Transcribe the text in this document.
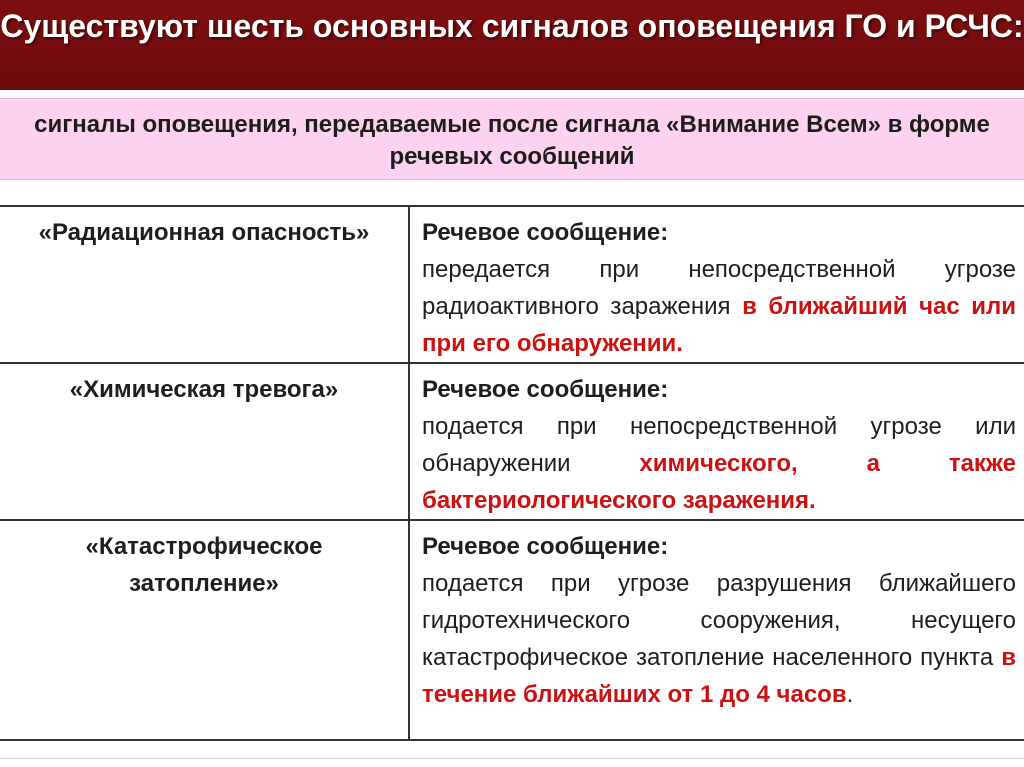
Существуют шесть основных сигналов оповещения ГО и РСЧС:
сигналы оповещения, передаваемые после сигнала «Внимание Всем» в форме речевых сообщений
«Радиационная опасность»	Речевое сообщение:
передается при непосредственной угрозе радиоактивного заражения в ближайший час или при его обнаружении.
«Химическая тревога»	Речевое сообщение:
подается при непосредственной угрозе или обнаружении химического, а также бактериологического заражения.
«Катастрофическое затопление»	Речевое сообщение:
подается при угрозе разрушения ближайшего гидротехнического сооружения, несущего катастрофическое затопление населенного пункта в течение ближайших от 1 до 4 часов.
